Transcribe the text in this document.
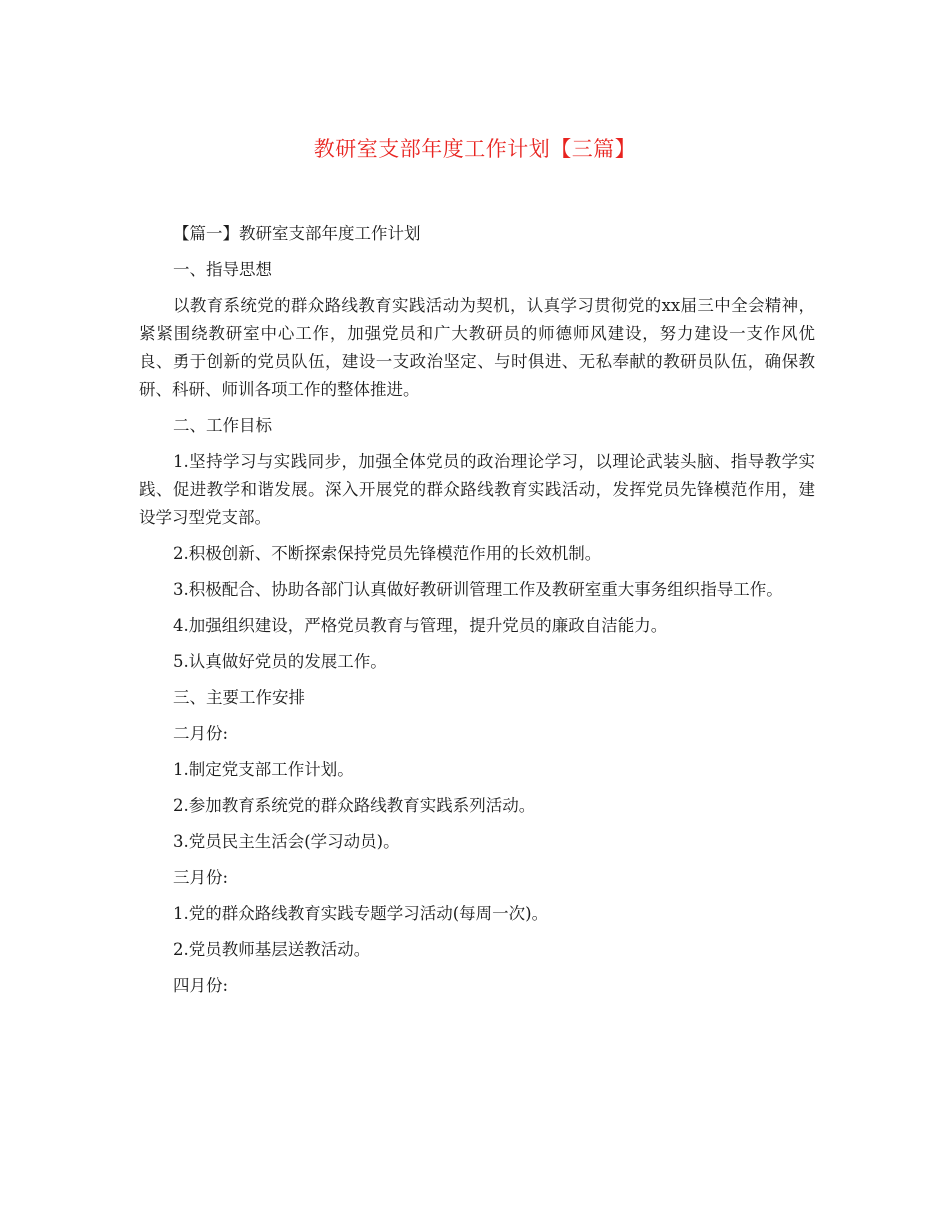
教研室支部年度工作计划【三篇】

【篇一】教研室支部年度工作计划

一、指导思想

以教育系统党的群众路线教育实践活动为契机，认真学习贯彻党的xx届三中全会精神，紧紧围绕教研室中心工作，加强党员和广大教研员的师德师风建设，努力建设一支作风优良、勇于创新的党员队伍，建设一支政治坚定、与时俱进、无私奉献的教研员队伍，确保教研、科研、师训各项工作的整体推进。

二、工作目标

1.坚持学习与实践同步，加强全体党员的政治理论学习，以理论武装头脑、指导教学实践、促进教学和谐发展。深入开展党的群众路线教育实践活动，发挥党员先锋模范作用，建设学习型党支部。

2.积极创新、不断探索保持党员先锋模范作用的长效机制。

3.积极配合、协助各部门认真做好教研训管理工作及教研室重大事务组织指导工作。

4.加强组织建设，严格党员教育与管理，提升党员的廉政自洁能力。

5.认真做好党员的发展工作。

三、主要工作安排

二月份:

1.制定党支部工作计划。

2.参加教育系统党的群众路线教育实践系列活动。

3.党员民主生活会(学习动员)。

三月份:

1.党的群众路线教育实践专题学习活动(每周一次)。

2.党员教师基层送教活动。

四月份:
